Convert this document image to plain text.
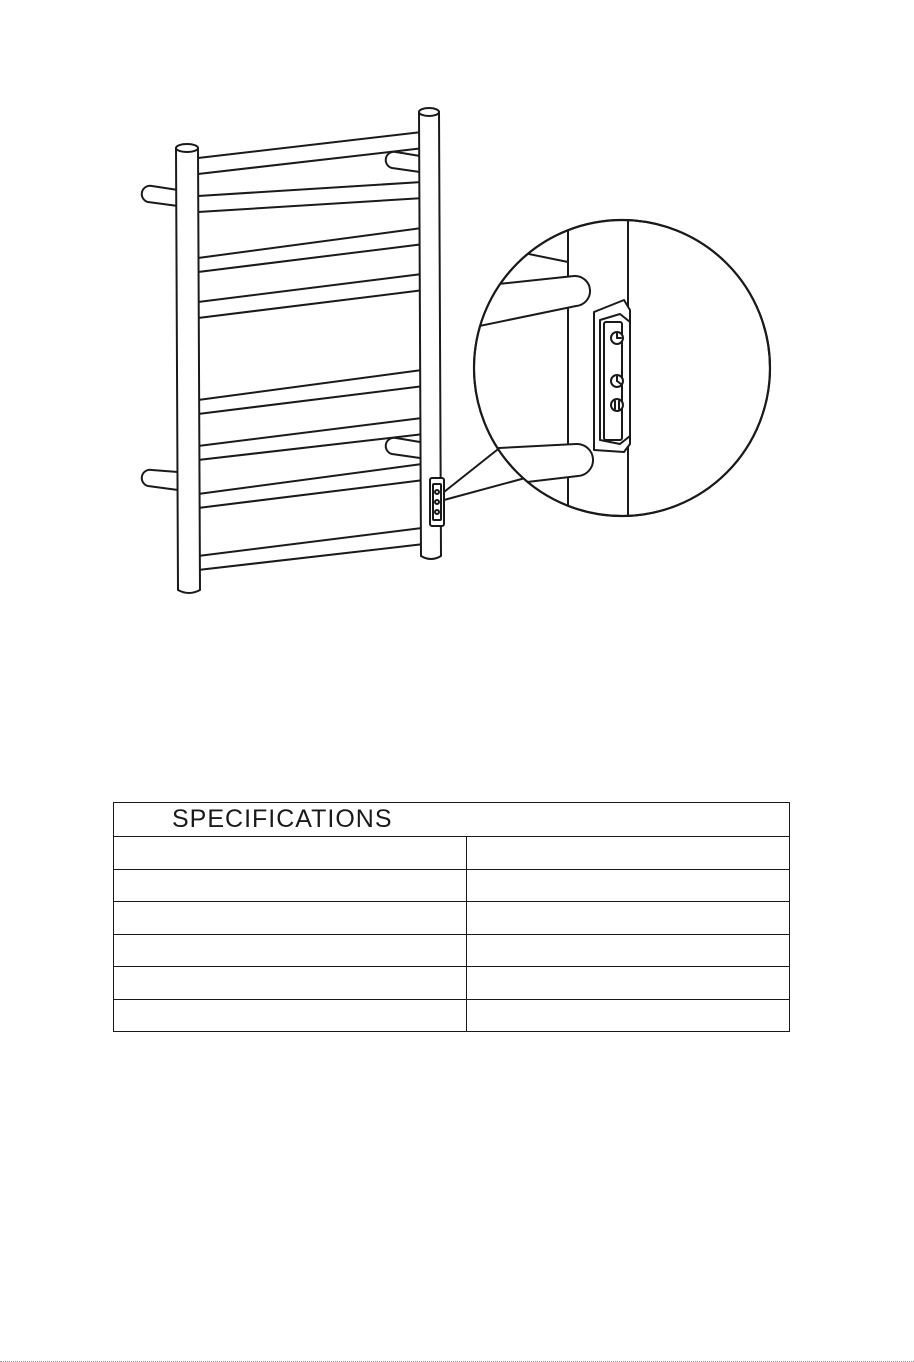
SPECIFICATIONS	
